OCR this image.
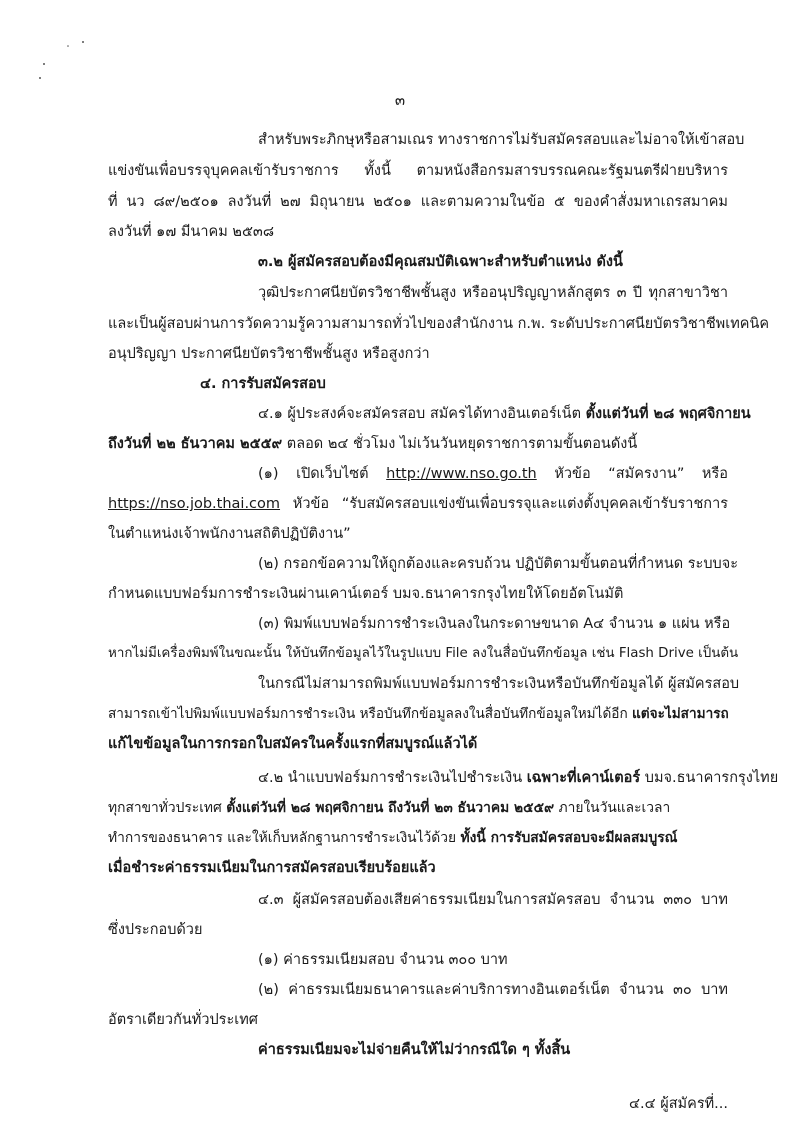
๓
สำหรับพระภิกษุหรือสามเณร ทางราชการไม่รับสมัครสอบและไม่อาจให้เข้าสอบ
แข่งขันเพื่อบรรจุบุคคลเข้ารับราชการ ทั้งนี้ ตามหนังสือกรมสารบรรณคณะรัฐมนตรีฝ่ายบริหาร
ที่ นว ๘๙/๒๕๐๑ ลงวันที่ ๒๗ มิถุนายน ๒๕๐๑ และตามความในข้อ ๕ ของคำสั่งมหาเถรสมาคม
ลงวันที่ ๑๗ มีนาคม ๒๕๓๘
๓.๒ ผู้สมัครสอบต้องมีคุณสมบัติเฉพาะสำหรับตำแหน่ง ดังนี้
วุฒิประกาศนียบัตรวิชาชีพชั้นสูง หรืออนุปริญญาหลักสูตร ๓ ปี ทุกสาขาวิชา
และเป็นผู้สอบผ่านการวัดความรู้ความสามารถทั่วไปของสำนักงาน ก.พ. ระดับประกาศนียบัตรวิชาชีพเทคนิค
อนุปริญญา ประกาศนียบัตรวิชาชีพชั้นสูง หรือสูงกว่า
๔. การรับสมัครสอบ
๔.๑ ผู้ประสงค์จะสมัครสอบ สมัครได้ทางอินเตอร์เน็ต ตั้งแต่วันที่ ๒๘ พฤศจิกายน
ถึงวันที่ ๒๒ ธันวาคม ๒๕๕๙ ตลอด ๒๔ ชั่วโมง ไม่เว้นวันหยุดราชการตามขั้นตอนดังนี้
(๑) เปิดเว็บไซต์ http://www.nso.go.th หัวข้อ “สมัครงาน” หรือ
https://nso.job.thai.com หัวข้อ “รับสมัครสอบแข่งขันเพื่อบรรจุและแต่งตั้งบุคคลเข้ารับราชการ
ในตำแหน่งเจ้าพนักงานสถิติปฏิบัติงาน”
(๒) กรอกข้อความให้ถูกต้องและครบถ้วน ปฏิบัติตามขั้นตอนที่กำหนด ระบบจะ
กำหนดแบบฟอร์มการชำระเงินผ่านเคาน์เตอร์ บมจ.ธนาคารกรุงไทยให้โดยอัตโนมัติ
(๓) พิมพ์แบบฟอร์มการชำระเงินลงในกระดาษขนาด A๔ จำนวน ๑ แผ่น หรือ
หากไม่มีเครื่องพิมพ์ในขณะนั้น ให้บันทึกข้อมูลไว้ในรูปแบบ File ลงในสื่อบันทึกข้อมูล เช่น Flash Drive เป็นต้น
ในกรณีไม่สามารถพิมพ์แบบฟอร์มการชำระเงินหรือบันทึกข้อมูลได้ ผู้สมัครสอบ
สามารถเข้าไปพิมพ์แบบฟอร์มการชำระเงิน หรือบันทึกข้อมูลลงในสื่อบันทึกข้อมูลใหม่ได้อีก แต่จะไม่สามารถ
แก้ไขข้อมูลในการกรอกใบสมัครในครั้งแรกที่สมบูรณ์แล้วได้
๔.๒ นำแบบฟอร์มการชำระเงินไปชำระเงิน เฉพาะที่เคาน์เตอร์ บมจ.ธนาคารกรุงไทย
ทุกสาขาทั่วประเทศ ตั้งแต่วันที่ ๒๘ พฤศจิกายน ถึงวันที่ ๒๓ ธันวาคม ๒๕๕๙ ภายในวันและเวลา
ทำการของธนาคาร และให้เก็บหลักฐานการชำระเงินไว้ด้วย ทั้งนี้ การรับสมัครสอบจะมีผลสมบูรณ์
เมื่อชำระค่าธรรมเนียมในการสมัครสอบเรียบร้อยแล้ว
๔.๓ ผู้สมัครสอบต้องเสียค่าธรรมเนียมในการสมัครสอบ จำนวน ๓๓๐ บาท
ซึ่งประกอบด้วย
(๑) ค่าธรรมเนียมสอบ จำนวน ๓๐๐ บาท
(๒) ค่าธรรมเนียมธนาคารและค่าบริการทางอินเตอร์เน็ต จำนวน ๓๐ บาท
อัตราเดียวกันทั่วประเทศ
ค่าธรรมเนียมจะไม่จ่ายคืนให้ไม่ว่ากรณีใด ๆ ทั้งสิ้น
๔.๔ ผู้สมัครที่...
